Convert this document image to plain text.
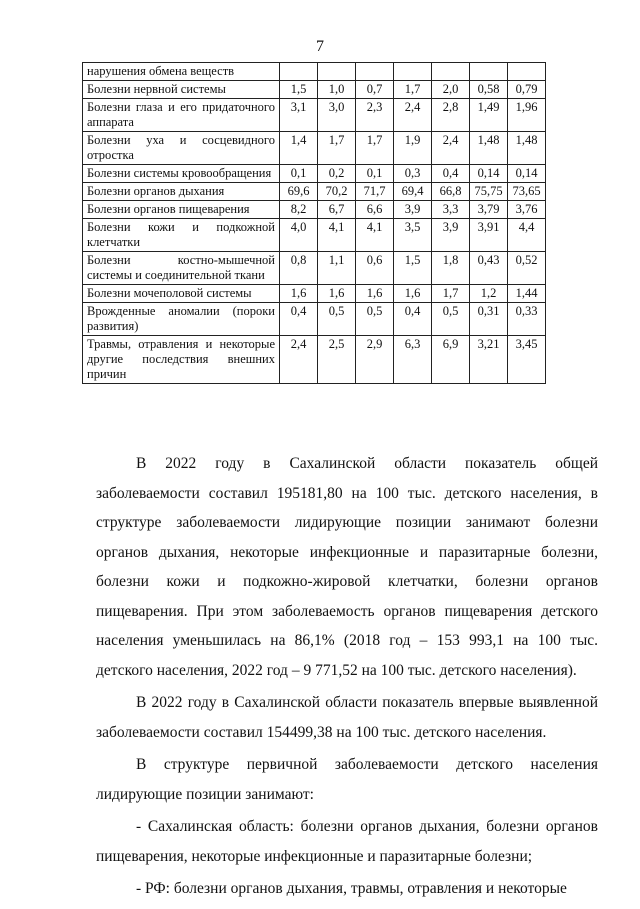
7
нарушения обмена веществ							
Болезни нервной системы	1,5	1,0	0,7	1,7	2,0	0,58	0,79
Болезни глаза и его придаточного аппарата	3,1	3,0	2,3	2,4	2,8	1,49	1,96
Болезни уха и сосцевидного отростка	1,4	1,7	1,7	1,9	2,4	1,48	1,48
Болезни системы кровообращения	0,1	0,2	0,1	0,3	0,4	0,14	0,14
Болезни органов дыхания	69,6	70,2	71,7	69,4	66,8	75,75	73,65
Болезни органов пищеварения	8,2	6,7	6,6	3,9	3,3	3,79	3,76
Болезни кожи и подкожной клетчатки	4,0	4,1	4,1	3,5	3,9	3,91	4,4
Болезни костно-мышечной системы и соединительной ткани	0,8	1,1	0,6	1,5	1,8	0,43	0,52
Болезни мочеполовой системы	1,6	1,6	1,6	1,6	1,7	1,2	1,44
Врожденные аномалии (пороки развития)	0,4	0,5	0,5	0,4	0,5	0,31	0,33
Травмы, отравления и некоторые другие последствия внешних причин	2,4	2,5	2,9	6,3	6,9	3,21	3,45

В 2022 году в Сахалинской области показатель общей заболеваемости составил 195181,80 на 100 тыс. детского населения, в структуре заболеваемости лидирующие позиции занимают болезни органов дыхания, некоторые инфекционные и паразитарные болезни, болезни кожи и подкожно-жировой клетчатки, болезни органов пищеварения. При этом заболеваемость органов пищеварения детского населения уменьшилась на 86,1% (2018 год – 153 993,1 на 100 тыс. детского населения, 2022 год – 9 771,52 на 100 тыс. детского населения).

В 2022 году в Сахалинской области показатель впервые выявленной заболеваемости составил 154499,38 на 100 тыс. детского населения.

В структуре первичной заболеваемости детского населения лидирующие позиции занимают:

- Сахалинская область: болезни органов дыхания, болезни органов пищеварения, некоторые инфекционные и паразитарные болезни;

- РФ: болезни органов дыхания, травмы, отравления и некоторые
